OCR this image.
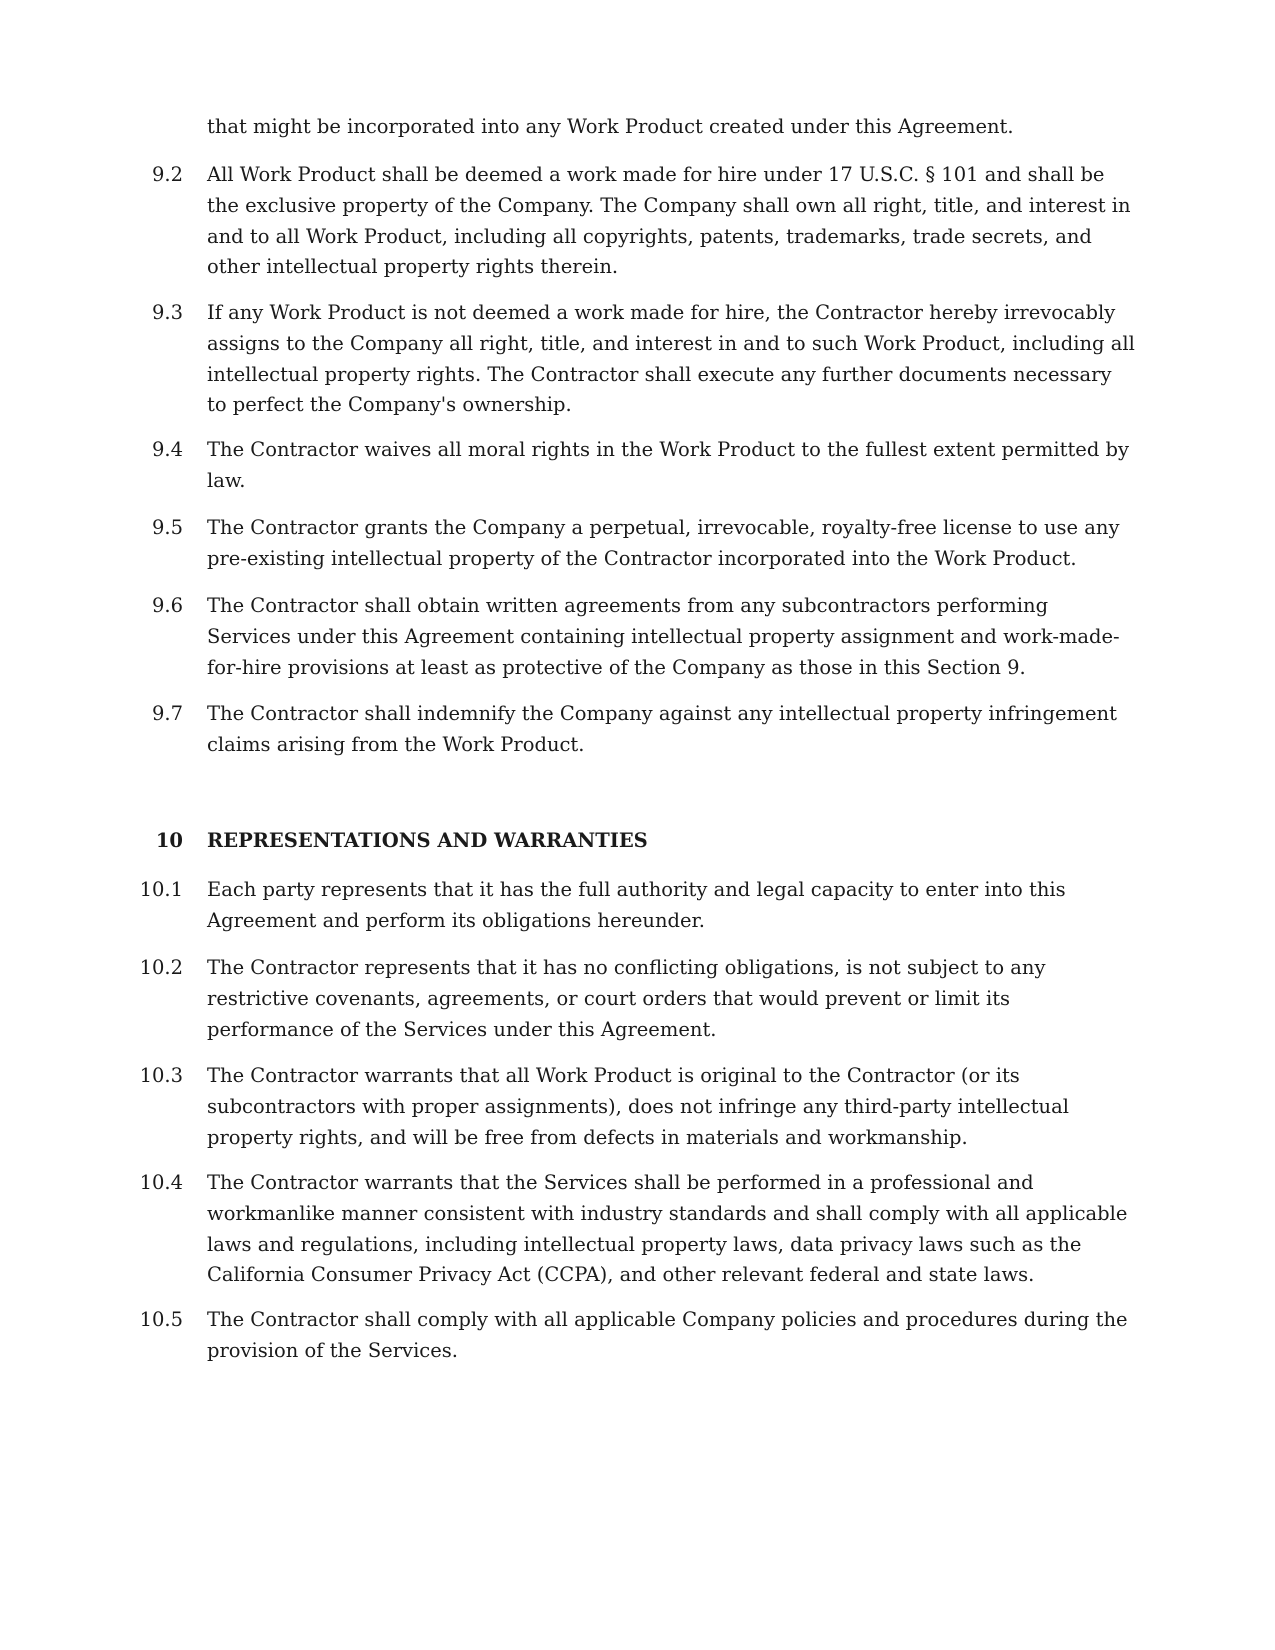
that might be incorporated into any Work Product created under this Agreement.

9.2 All Work Product shall be deemed a work made for hire under 17 U.S.C. § 101 and shall be the exclusive property of the Company. The Company shall own all right, title, and interest in and to all Work Product, including all copyrights, patents, trademarks, trade secrets, and other intellectual property rights therein.

9.3 If any Work Product is not deemed a work made for hire, the Contractor hereby irrevocably assigns to the Company all right, title, and interest in and to such Work Product, including all intellectual property rights. The Contractor shall execute any further documents necessary to perfect the Company's ownership.

9.4 The Contractor waives all moral rights in the Work Product to the fullest extent permitted by law.

9.5 The Contractor grants the Company a perpetual, irrevocable, royalty-free license to use any pre-existing intellectual property of the Contractor incorporated into the Work Product.

9.6 The Contractor shall obtain written agreements from any subcontractors performing Services under this Agreement containing intellectual property assignment and work-made-for-hire provisions at least as protective of the Company as those in this Section 9.

9.7 The Contractor shall indemnify the Company against any intellectual property infringement claims arising from the Work Product.

10 REPRESENTATIONS AND WARRANTIES
10.1 Each party represents that it has the full authority and legal capacity to enter into this Agreement and perform its obligations hereunder.

10.2 The Contractor represents that it has no conflicting obligations, is not subject to any restrictive covenants, agreements, or court orders that would prevent or limit its performance of the Services under this Agreement.

10.3 The Contractor warrants that all Work Product is original to the Contractor (or its subcontractors with proper assignments), does not infringe any third-party intellectual property rights, and will be free from defects in materials and workmanship.

10.4 The Contractor warrants that the Services shall be performed in a professional and workmanlike manner consistent with industry standards and shall comply with all applicable laws and regulations, including intellectual property laws, data privacy laws such as the California Consumer Privacy Act (CCPA), and other relevant federal and state laws.

10.5 The Contractor shall comply with all applicable Company policies and procedures during the provision of the Services.
